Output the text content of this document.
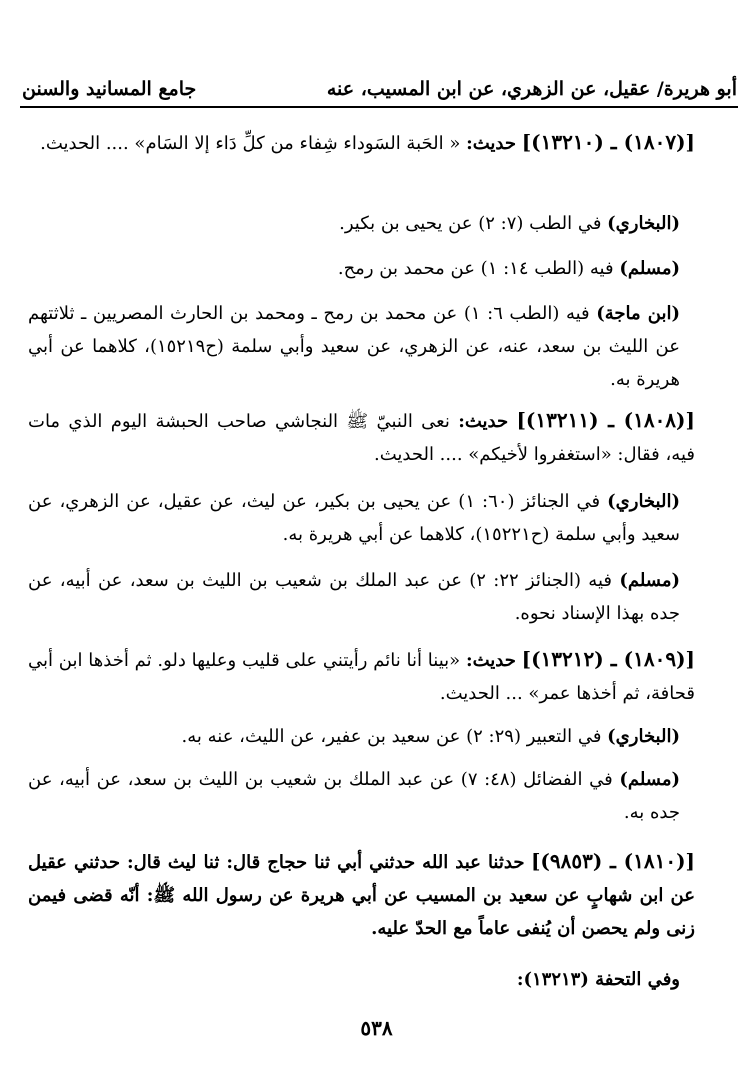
أبو هريرة/ عقيل، عن الزهري، عن ابن المسيب، عنه
جامع المسانيد والسنن
[(١٨٠٧) ـ (١٣٢١٠)] حديث: « الحَبة السَوداء شِفاء من كلِّ دَاء إلا السَام» .... الحديث.
(البخاري) في الطب (٧: ٢) عن يحيى بن بكير.
(مسلم) فيه (الطب ١٤: ١) عن محمد بن رمح.
(ابن ماجة) فيه (الطب ٦: ١) عن محمد بن رمح ـ ومحمد بن الحارث المصريين ـ ثلاثتهم عن الليث بن سعد، عنه، عن الزهري، عن سعيد وأبي سلمة (ح١٥٢١٩)، كلاهما عن أبي هريرة به.
[(١٨٠٨) ـ (١٣٢١١)] حديث: نعى النبيّ ﷺ النجاشي صاحب الحبشة اليوم الذي مات فيه، فقال: «استغفروا لأخيكم» .... الحديث.
(البخاري) في الجنائز (٦٠: ١) عن يحيى بن بكير، عن ليث، عن عقيل، عن الزهري، عن سعيد وأبي سلمة (ح١٥٢٢١)، كلاهما عن أبي هريرة به.
(مسلم) فيه (الجنائز ٢٢: ٢) عن عبد الملك بن شعيب بن الليث بن سعد، عن أبيه، عن جده بهذا الإسناد نحوه.
[(١٨٠٩) ـ (١٣٢١٢)] حديث: «بينا أنا نائم رأيتني على قليب وعليها دلو. ثم أخذها ابن أبي قحافة، ثم أخذها عمر» ... الحديث.
(البخاري) في التعبير (٢٩: ٢) عن سعيد بن عفير، عن الليث، عنه به.
(مسلم) في الفضائل (٤٨: ٧) عن عبد الملك بن شعيب بن الليث بن سعد، عن أبيه، عن جده به.
[(١٨١٠) ـ (٩٨٥٣)] حدثنا عبد الله حدثني أبي ثنا حجاج قال: ثنا ليث قال: حدثني عقيل عن ابن شهابٍ عن سعيد بن المسيب عن أبي هريرة عن رسول الله ﷺ: أنّه قضى فيمن زنى ولم يحصن أن يُنفى عاماً مع الحدّ عليه.
وفي التحفة (١٣٢١٣):
٥٣٨
